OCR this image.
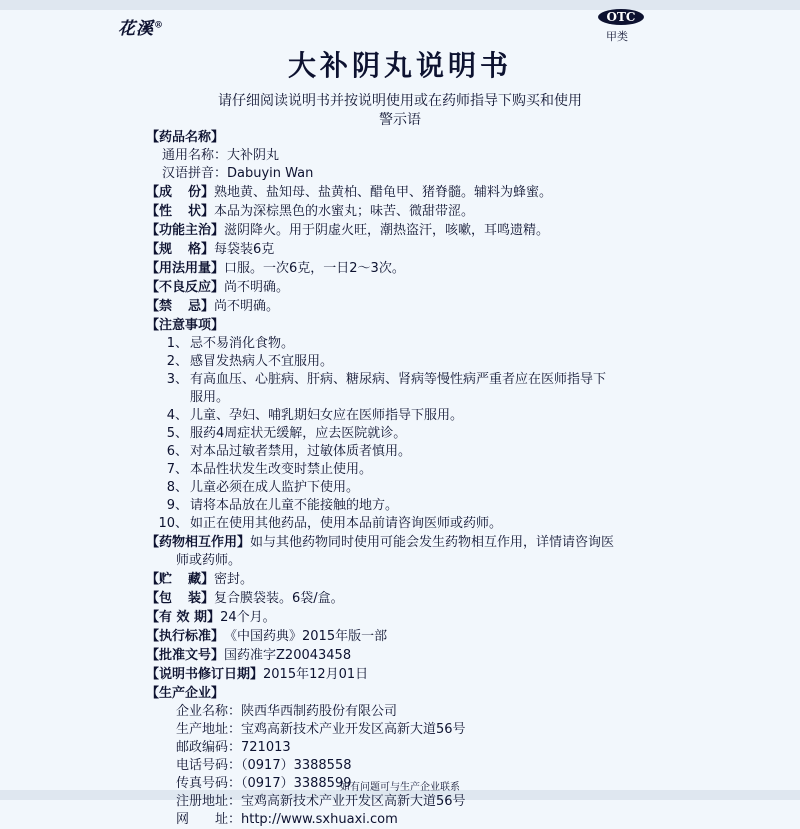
花溪®
OTC
甲类
大补阴丸说明书
请仔细阅读说明书并按说明使用或在药师指导下购买和使用
警示语
【药品名称】
通用名称：大补阴丸
汉语拼音：Dabuyin Wan
【成 份】 熟地黄、盐知母、盐黄柏、醋龟甲、猪脊髓。辅料为蜂蜜。
【性 状】 本品为深棕黑色的水蜜丸；味苦、微甜带涩。
【功能主治】 滋阴降火。用于阴虚火旺，潮热盗汗，咳嗽，耳鸣遗精。
【规 格】 每袋装6克
【用法用量】 口服。一次6克，一日2～3次。
【不良反应】 尚不明确。
【禁 忌】 尚不明确。
【注意事项】
1、 忌不易消化食物。
2、 感冒发热病人不宜服用。
3、 有高血压、心脏病、肝病、糖尿病、肾病等慢性病严重者应在医师指导下
服用。
4、 儿童、孕妇、哺乳期妇女应在医师指导下服用。
5、 服药4周症状无缓解，应去医院就诊。
6、 对本品过敏者禁用，过敏体质者慎用。
7、 本品性状发生改变时禁止使用。
8、 儿童必须在成人监护下使用。
9、 请将本品放在儿童不能接触的地方。
10、 如正在使用其他药品，使用本品前请咨询医师或药师。
【药物相互作用】 如与其他药物同时使用可能会发生药物相互作用，详情请咨询医
师或药师。
【贮 藏】 密封。
【包 装】 复合膜袋装。6袋/盒。
【有 效 期】 24个月。
【执行标准】 《中国药典》2015年版一部
【批准文号】 国药准字Z20043458
【说明书修订日期】 2015年12月01日
【生产企业】
企业名称：陕西华西制药股份有限公司
生产地址：宝鸡高新技术产业开发区高新大道56号
邮政编码：721013
电话号码：（0917）3388558
传真号码：（0917）3388599
注册地址：宝鸡高新技术产业开发区高新大道56号
网　　址：http://www.sxhuaxi.com
如有问题可与生产企业联系
